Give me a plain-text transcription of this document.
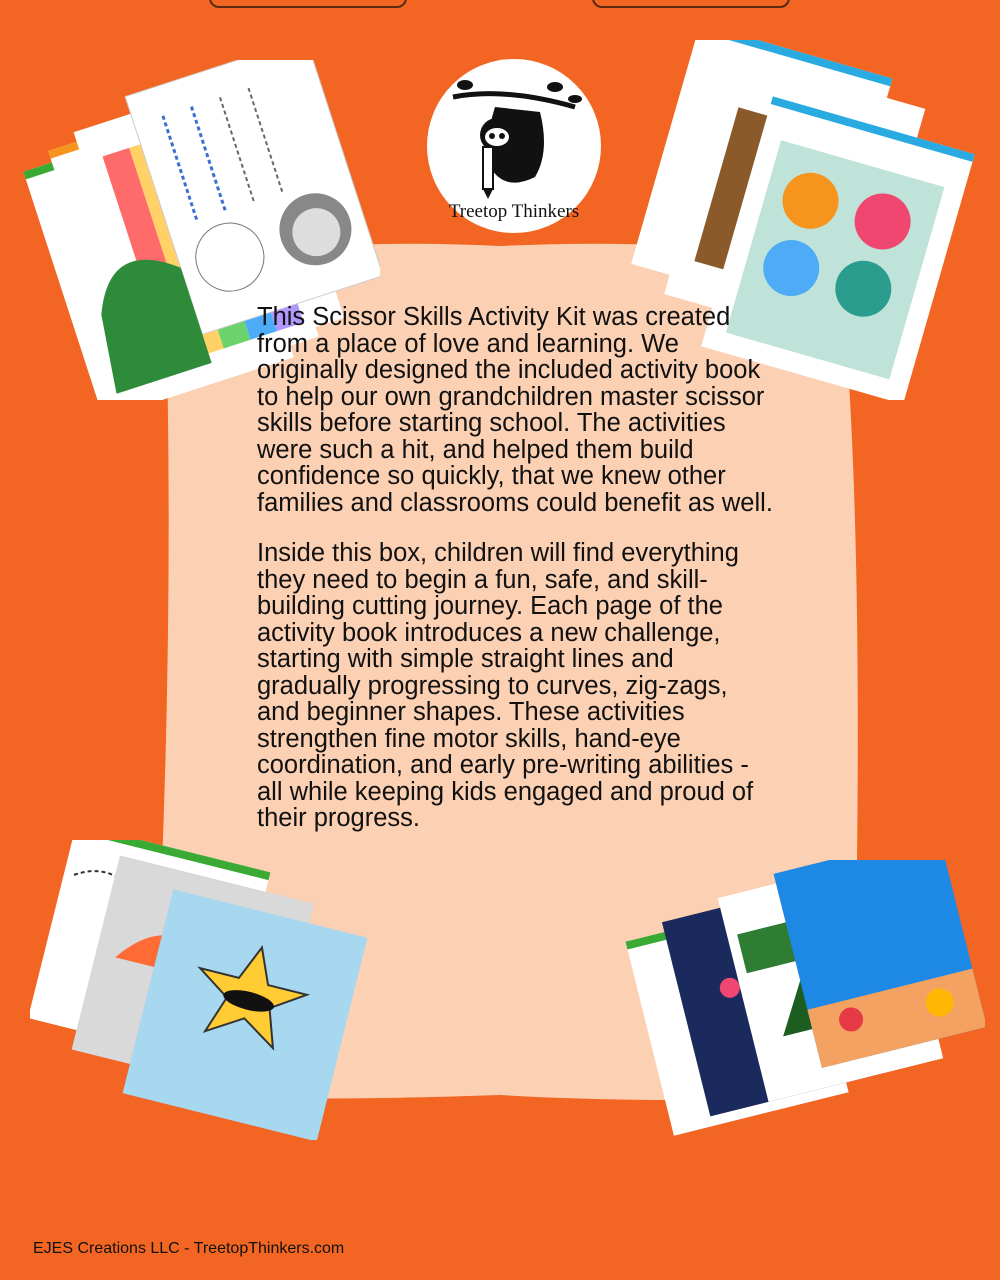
Treetop Thinkers

This Scissor Skills Activity Kit was created from a place of love and learning. We originally designed the included activity book to help our own grandchildren master scissor skills before starting school. The activities were such a hit, and helped them build confidence so quickly, that we knew other families and classrooms could benefit as well.

Inside this box, children will find everything they need to begin a fun, safe, and skill-building cutting journey. Each page of the activity book introduces a new challenge, starting with simple straight lines and gradually progressing to curves, zig-zags, and beginner shapes. These activities strengthen fine motor skills, hand-eye coordination, and early pre-writing abilities - all while keeping kids engaged and proud of their progress.

EJES Creations LLC - TreetopThinkers.com
